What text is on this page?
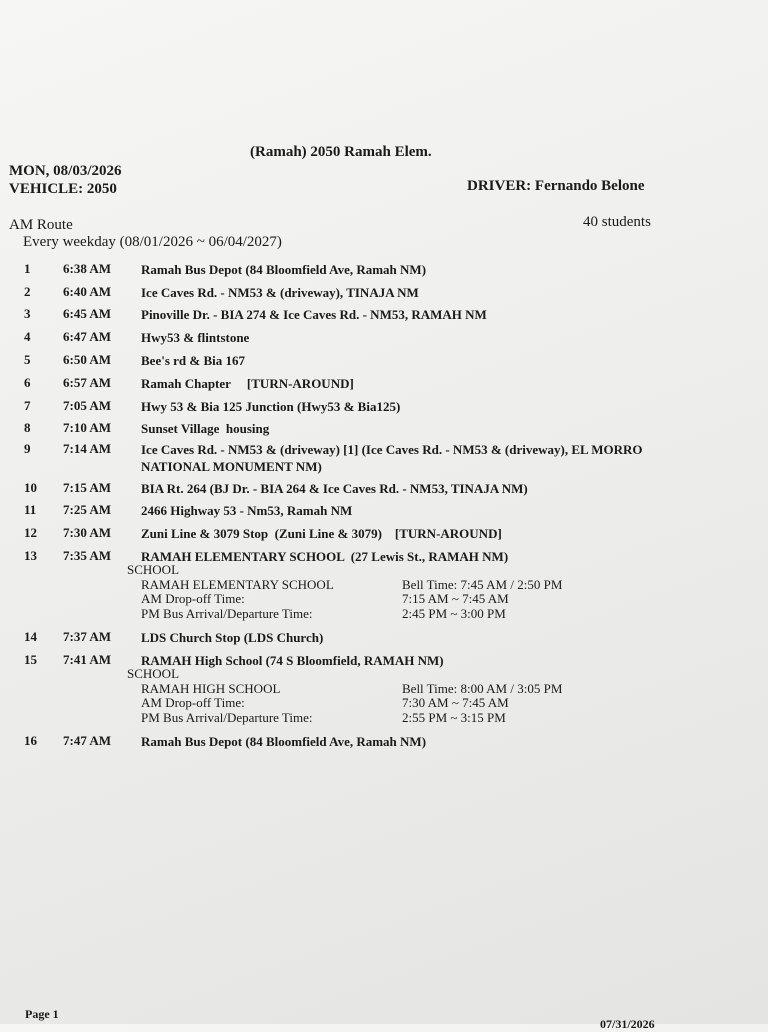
(Ramah) 2050 Ramah Elem.
MON, 08/03/2026
VEHICLE: 2050	DRIVER: Fernando Belone
AM Route	40 students
Every weekday (08/01/2026 ~ 06/04/2027)
1	6:38 AM Ramah Bus Depot (84 Bloomfield Ave, Ramah NM)
2	6:40 AM Ice Caves Rd. - NM53 & (driveway), TINAJA NM
3	6:45 AM Pinoville Dr. - BIA 274 & Ice Caves Rd. - NM53, RAMAH NM
4	6:47 AM Hwy53 & flintstone
5	6:50 AM Bee's rd & Bia 167
6	6:57 AM Ramah Chapter     [TURN-AROUND]
7	7:05 AM Hwy 53 & Bia 125 Junction (Hwy53 & Bia125)
8	7:10 AM Sunset Village  housing
9	7:14 AM Ice Caves Rd. - NM53 & (driveway) [1] (Ice Caves Rd. - NM53 & (driveway), EL MORRO NATIONAL MONUMENT NM)
10 7:15 AM BIA Rt. 264 (BJ Dr. - BIA 264 & Ice Caves Rd. - NM53, TINAJA NM)
11 7:25 AM 2466 Highway 53 - Nm53, Ramah NM
12 7:30 AM Zuni Line & 3079 Stop  (Zuni Line & 3079)    [TURN-AROUND]
13 7:35 AM RAMAH ELEMENTARY SCHOOL  (27 Lewis St., RAMAH NM)
SCHOOL
RAMAH ELEMENTARY SCHOOL	Bell Time: 7:45 AM / 2:50 PM
AM Drop-off Time:	7:15 AM ~ 7:45 AM
PM Bus Arrival/Departure Time:	2:45 PM ~ 3:00 PM
14 7:37 AM LDS Church Stop (LDS Church)
15 7:41 AM RAMAH High School (74 S Bloomfield, RAMAH NM)
SCHOOL
RAMAH HIGH SCHOOL	Bell Time: 8:00 AM / 3:05 PM
AM Drop-off Time:	7:30 AM ~ 7:45 AM
PM Bus Arrival/Departure Time:	2:55 PM ~ 3:15 PM
16 7:47 AM Ramah Bus Depot (84 Bloomfield Ave, Ramah NM)
Page 1
07/31/2026
